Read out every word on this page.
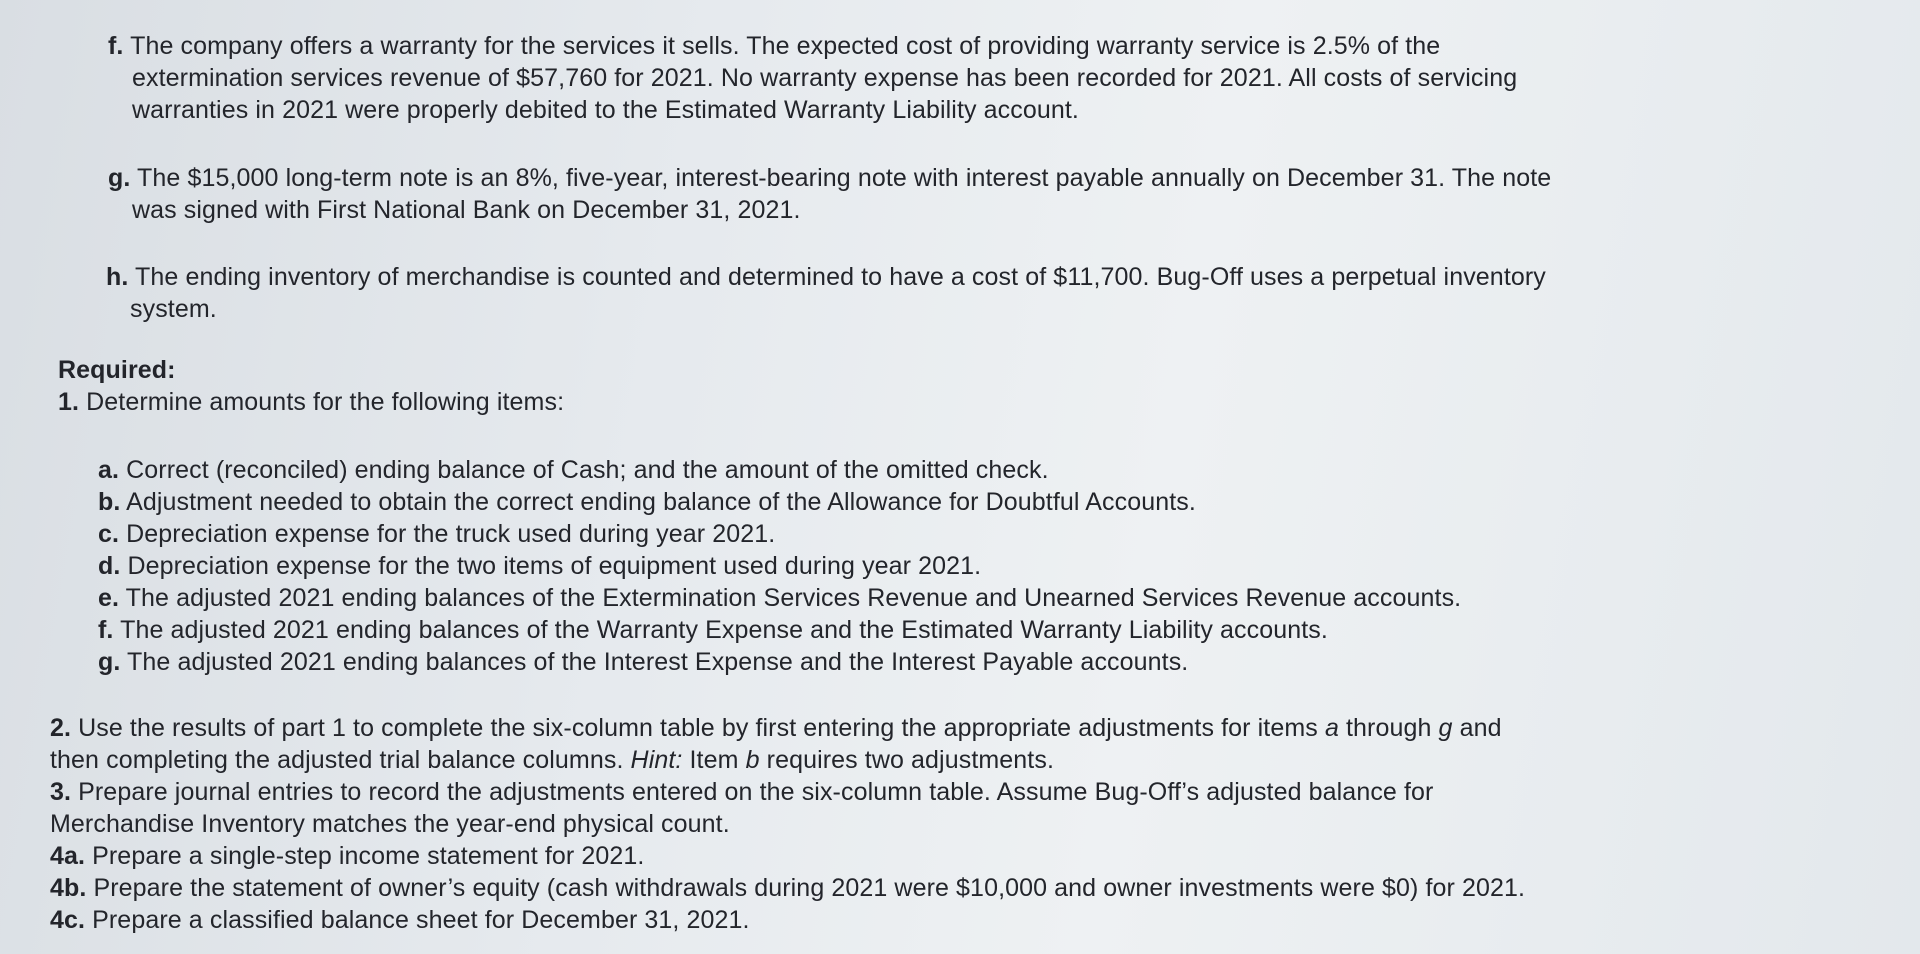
f. The company offers a warranty for the services it sells. The expected cost of providing warranty service is 2.5% of the
extermination services revenue of $57,760 for 2021. No warranty expense has been recorded for 2021. All costs of servicing
warranties in 2021 were properly debited to the Estimated Warranty Liability account.
g. The $15,000 long-term note is an 8%, five-year, interest-bearing note with interest payable annually on December 31. The note
was signed with First National Bank on December 31, 2021.
h. The ending inventory of merchandise is counted and determined to have a cost of $11,700. Bug-Off uses a perpetual inventory
system.
Required:
1. Determine amounts for the following items:
a. Correct (reconciled) ending balance of Cash; and the amount of the omitted check.
b. Adjustment needed to obtain the correct ending balance of the Allowance for Doubtful Accounts.
c. Depreciation expense for the truck used during year 2021.
d. Depreciation expense for the two items of equipment used during year 2021.
e. The adjusted 2021 ending balances of the Extermination Services Revenue and Unearned Services Revenue accounts.
f. The adjusted 2021 ending balances of the Warranty Expense and the Estimated Warranty Liability accounts.
g. The adjusted 2021 ending balances of the Interest Expense and the Interest Payable accounts.
2. Use the results of part 1 to complete the six-column table by first entering the appropriate adjustments for items a through g and
then completing the adjusted trial balance columns. Hint: Item b requires two adjustments.
3. Prepare journal entries to record the adjustments entered on the six-column table. Assume Bug-Off’s adjusted balance for
Merchandise Inventory matches the year-end physical count.
4a. Prepare a single-step income statement for 2021.
4b. Prepare the statement of owner’s equity (cash withdrawals during 2021 were $10,000 and owner investments were $0) for 2021.
4c. Prepare a classified balance sheet for December 31, 2021.
